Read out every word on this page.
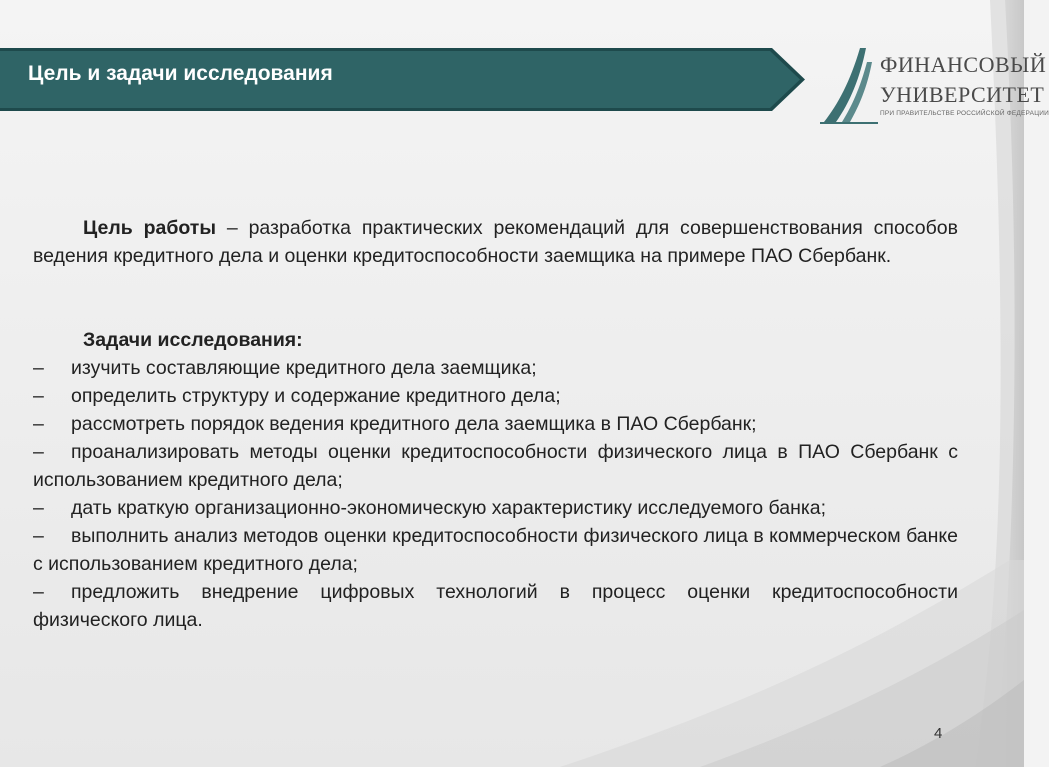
Цель и задачи исследования	ФИНАНСОВЫЙ
УНИВЕРСИТЕТ
ПРИ ПРАВИТЕЛЬСТВЕ РОССИЙСКОЙ ФЕДЕРАЦИИ

Цель работы – разработка практических рекомендаций для совершенствования способов ведения кредитного дела и оценки кредитоспособности заемщика на примере ПАО Сбербанк.

Задачи исследования:

– изучить составляющие кредитного дела заемщика;
– определить структуру и содержание кредитного дела;
– рассмотреть порядок ведения кредитного дела заемщика в ПАО Сбербанк;
– проанализировать методы оценки кредитоспособности физического лица в ПАО Сбербанк с использованием кредитного дела;
– дать краткую организационно-экономическую характеристику исследуемого банка;
– выполнить анализ методов оценки кредитоспособности физического лица в коммерческом банке с использованием кредитного дела;
– предложить внедрение цифровых технологий в процесс оценки кредитоспособности физического лица.
4
